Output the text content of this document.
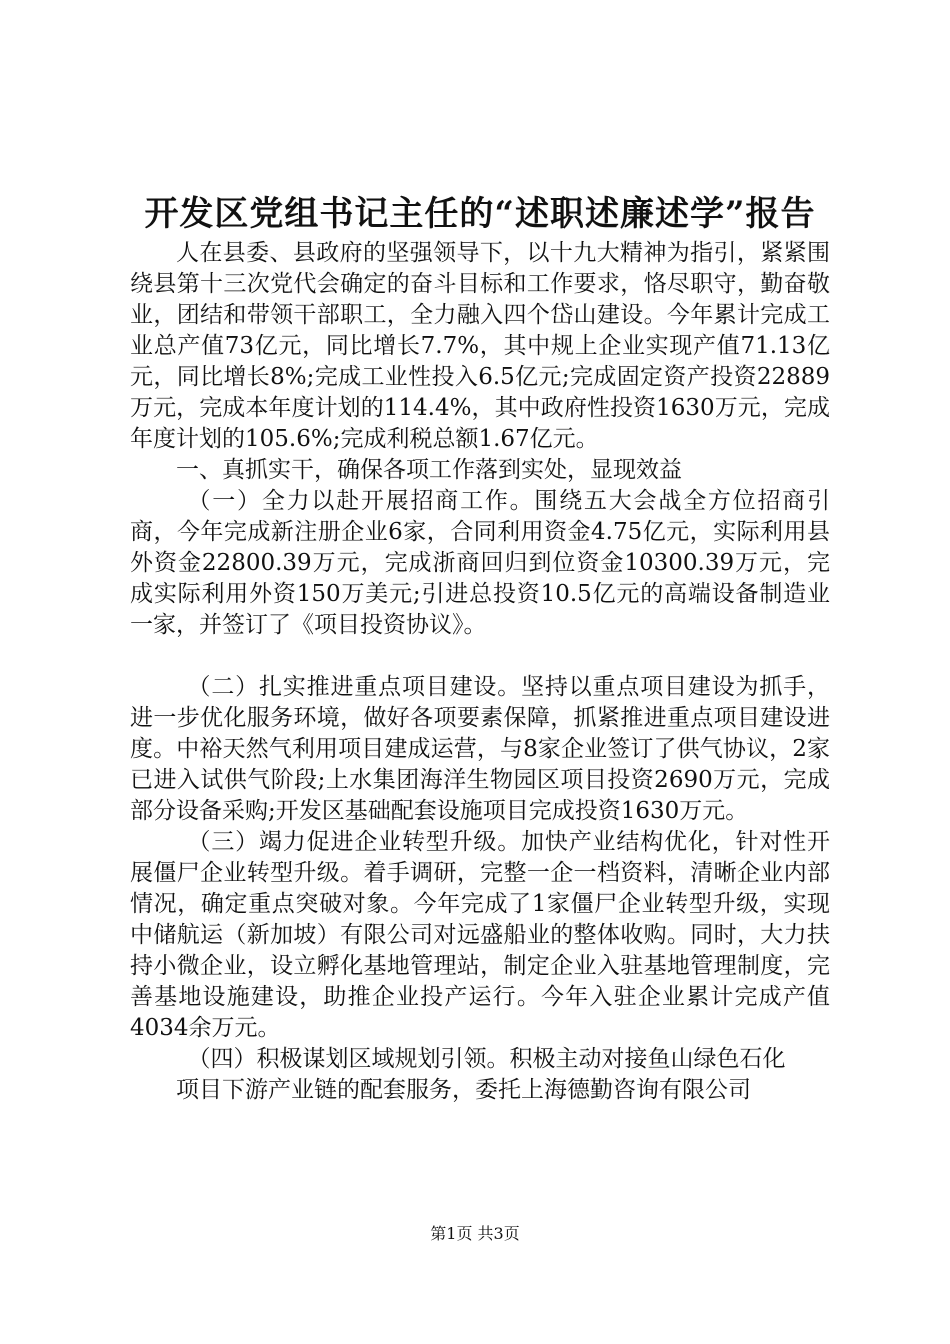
开发区党组书记主任的“述职述廉述学”报告

人在县委、县政府的坚强领导下，以十九大精神为指引，紧紧围绕县第十三次党代会确定的奋斗目标和工作要求，恪尽职守，勤奋敬业，团结和带领干部职工，全力融入四个岱山建设。今年累计完成工业总产值73亿元，同比增长7.7%，其中规上企业实现产值71.13亿元，同比增长8%;完成工业性投入6.5亿元;完成固定资产投资22889万元，完成本年度计划的114.4%，其中政府性投资1630万元，完成年度计划的105.6%;完成利税总额1.67亿元。

一、真抓实干，确保各项工作落到实处，显现效益

（一）全力以赴开展招商工作。围绕五大会战全方位招商引商，今年完成新注册企业6家，合同利用资金4.75亿元，实际利用县外资金22800.39万元，完成浙商回归到位资金10300.39万元，完成实际利用外资150万美元;引进总投资10.5亿元的高端设备制造业一家，并签订了《项目投资协议》。

（二）扎实推进重点项目建设。坚持以重点项目建设为抓手，进一步优化服务环境，做好各项要素保障，抓紧推进重点项目建设进度。中裕天然气利用项目建成运营，与8家企业签订了供气协议，2家已进入试供气阶段;上水集团海洋生物园区项目投资2690万元，完成部分设备采购;开发区基础配套设施项目完成投资1630万元。

（三）竭力促进企业转型升级。加快产业结构优化，针对性开展僵尸企业转型升级。着手调研，完整一企一档资料，清晰企业内部情况，确定重点突破对象。今年完成了1家僵尸企业转型升级，实现中储航运（新加坡）有限公司对远盛船业的整体收购。同时，大力扶持小微企业，设立孵化基地管理站，制定企业入驻基地管理制度，完善基地设施建设，助推企业投产运行。今年入驻企业累计完成产值4034余万元。

（四）积极谋划区域规划引领。积极主动对接鱼山绿色石化

项目下游产业链的配套服务，委托上海德勤咨询有限公司

第1页 共3页
